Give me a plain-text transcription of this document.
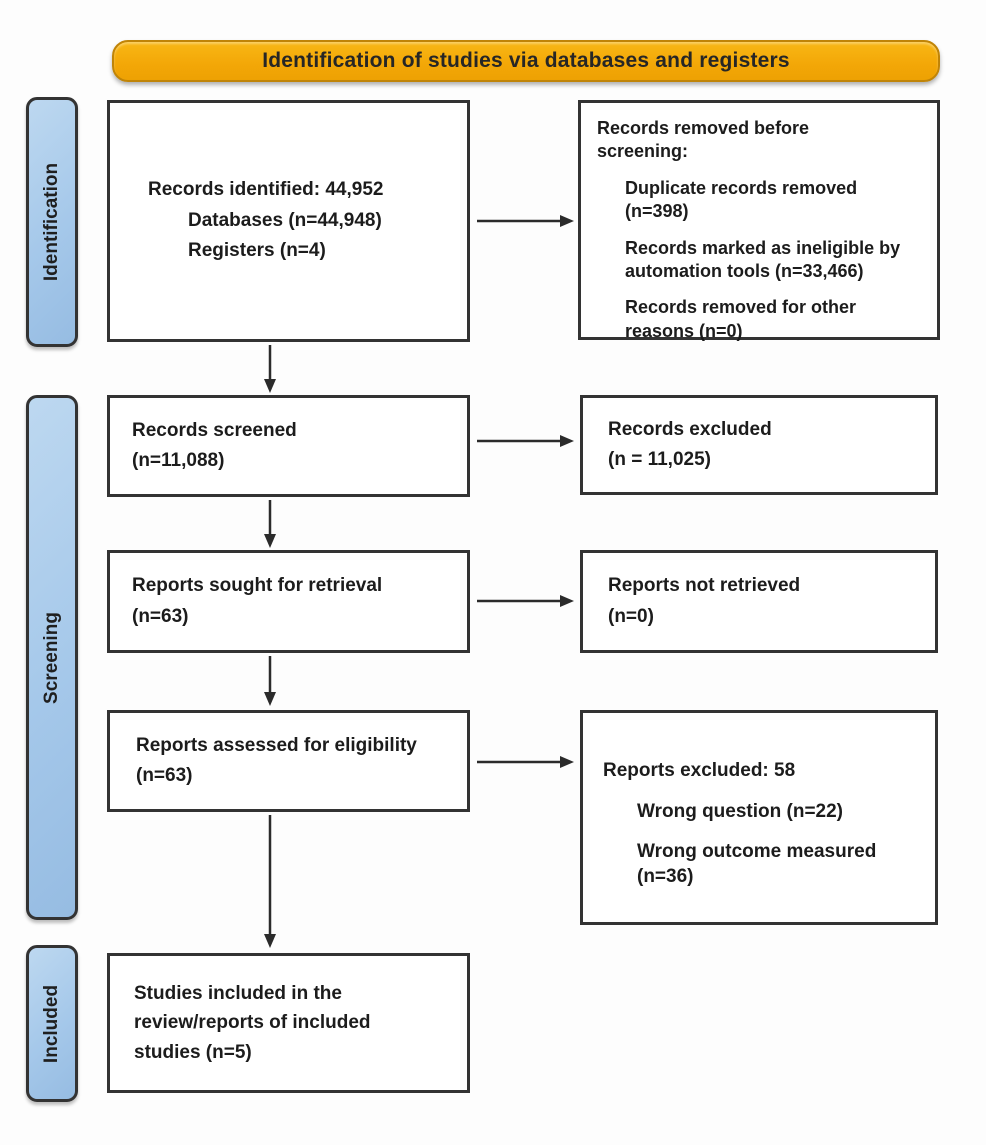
Identification of studies via databases and registers
Identification
Screening
Included
Records identified: 44,952
Databases (n=44,948)
Registers (n=4)
Records removed before screening:
Duplicate records removed (n=398)
Records marked as ineligible by automation tools (n=33,466)
Records removed for other reasons (n=0)
Records screened
(n=11,088)
Records excluded
(n = 11,025)
Reports sought for retrieval
(n=63)
Reports not retrieved
(n=0)
Reports assessed for eligibility
(n=63)	Reports excluded: 58
Wrong question (n=22)
Wrong outcome measured (n=36)
Studies included in the review/reports of included studies (n=5)
